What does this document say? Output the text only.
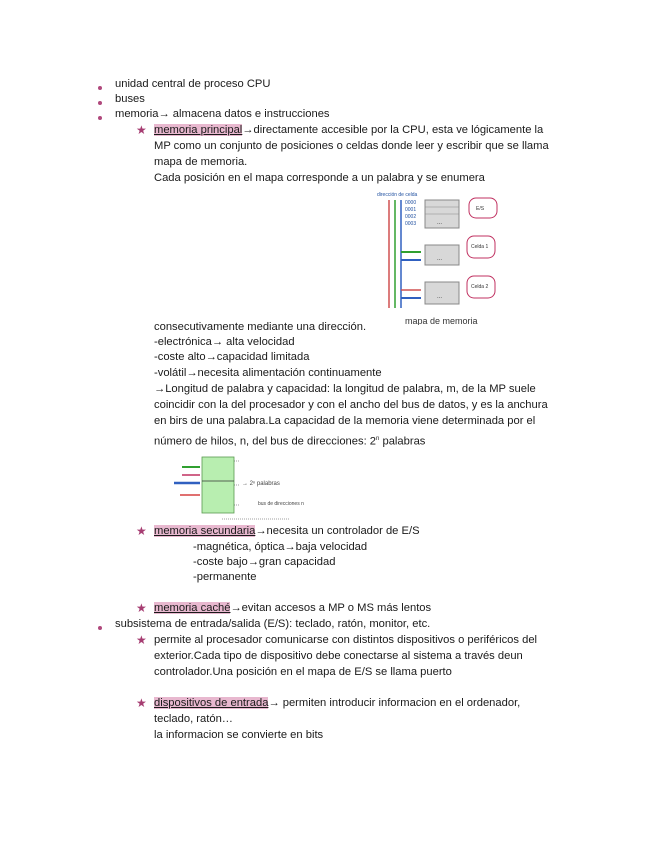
unidad central de proceso CPU
buses
memoria→ almacena datos e instrucciones
★ memoria principal→directamente accesible por la CPU, esta ve lógicamente la
MP como un conjunto de posiciones o celdas donde leer y escribir que se llama
mapa de memoria.
Cada posición en el mapa corresponde a un palabra y se enumera
dirección de celda
0000
0001
0002
0003	...
...
...
E/S
Celda 1
Celda 2
mapa de memoria
consecutivamente mediante una dirección.
-electrónica→ alta velocidad
-coste alto→capacidad limitada
-volátil→necesita alimentación continuamente
→Longitud de palabra y capacidad: la longitud de palabra, m, de la MP suele
coincidir con la del procesador y con el ancho del bus de datos, y es la anchura
en birs de una palabra.La capacidad de la memoria viene determinada por el
número de hilos, n, del bus de direcciones: 2$^n$ palabras
→ 2ⁿ palabras
bus de direcciones n
★ memoria secundaria→necesita un controlador de E/S
-magnética, óptica→baja velocidad
-coste bajo→gran capacidad
-permanente
★ memoria caché→evitan accesos a MP o MS más lentos
subsistema de entrada/salida (E/S): teclado, ratón, monitor, etc.
★ permite al procesador comunicarse con distintos dispositivos o periféricos del
exterior.Cada tipo de dispositivo debe conectarse al sistema a través deun
controlador.Una posición en el mapa de E/S se llama puerto
★ dispositivos de entrada→ permiten introducir informacion en el ordenador,
teclado, ratón…
la informacion se convierte en bits
